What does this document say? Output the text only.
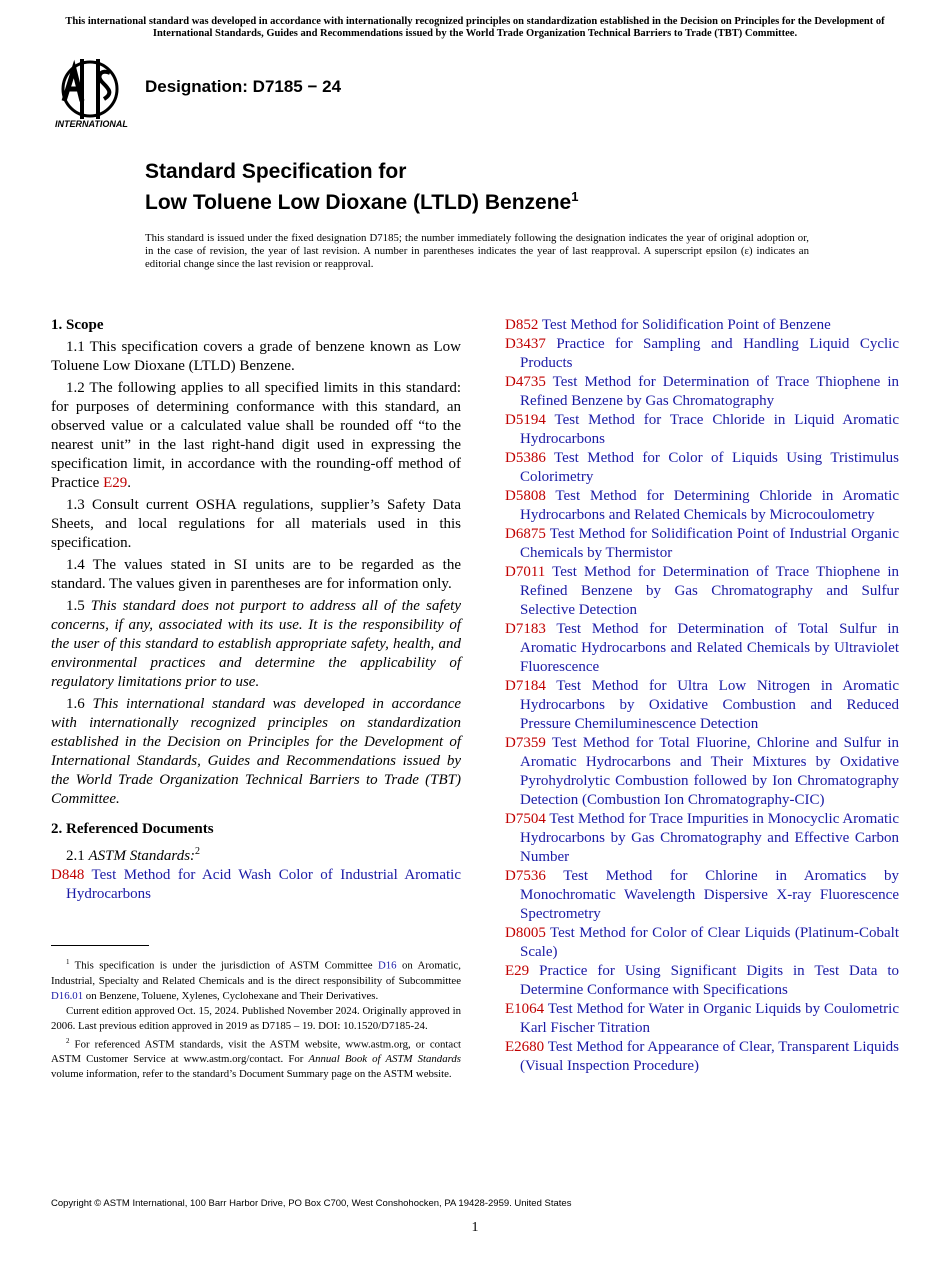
This international standard was developed in accordance with internationally recognized principles on standardization established in the Decision on Principles for the Development of International Standards, Guides and Recommendations issued by the World Trade Organization Technical Barriers to Trade (TBT) Committee.
INTERNATIONAL
Designation: D7185 − 24
Standard Specification for
Low Toluene Low Dioxane (LTLD) Benzene$^1$
This standard is issued under the fixed designation D7185; the number immediately following the designation indicates the year of original adoption or, in the case of revision, the year of last revision. A number in parentheses indicates the year of last reapproval. A superscript epsilon (ε) indicates an editorial change since the last revision or reapproval.
1. Scope
1.1 This specification covers a grade of benzene known as Low Toluene Low Dioxane (LTLD) Benzene.
1.2 The following applies to all specified limits in this standard: for purposes of determining conformance with this standard, an observed value or a calculated value shall be rounded off “to the nearest unit” in the last right-hand digit used in expressing the specification limit, in accordance with the rounding-off method of Practice E29.
1.3 Consult current OSHA regulations, supplier’s Safety Data Sheets, and local regulations for all materials used in this specification.
1.4 The values stated in SI units are to be regarded as the standard. The values given in parentheses are for information only.
1.5 This standard does not purport to address all of the safety concerns, if any, associated with its use. It is the responsibility of the user of this standard to establish appropriate safety, health, and environmental practices and determine the applicability of regulatory limitations prior to use.
1.6 This international standard was developed in accordance with internationally recognized principles on standardization established in the Decision on Principles for the Development of International Standards, Guides and Recommendations issued by the World Trade Organization Technical Barriers to Trade (TBT) Committee.
2. Referenced Documents
2.1 ASTM Standards:$^2$
D848 Test Method for Acid Wash Color of Industrial Aromatic Hydrocarbons
D852 Test Method for Solidification Point of Benzene
D3437 Practice for Sampling and Handling Liquid Cyclic Products
D4735 Test Method for Determination of Trace Thiophene in Refined Benzene by Gas Chromatography
D5194 Test Method for Trace Chloride in Liquid Aromatic Hydrocarbons
D5386 Test Method for Color of Liquids Using Tristimulus Colorimetry
D5808 Test Method for Determining Chloride in Aromatic Hydrocarbons and Related Chemicals by Microcoulometry
D6875 Test Method for Solidification Point of Industrial Organic Chemicals by Thermistor
D7011 Test Method for Determination of Trace Thiophene in Refined Benzene by Gas Chromatography and Sulfur Selective Detection
D7183 Test Method for Determination of Total Sulfur in Aromatic Hydrocarbons and Related Chemicals by Ultraviolet Fluorescence
D7184 Test Method for Ultra Low Nitrogen in Aromatic Hydrocarbons by Oxidative Combustion and Reduced Pressure Chemiluminescence Detection
D7359 Test Method for Total Fluorine, Chlorine and Sulfur in Aromatic Hydrocarbons and Their Mixtures by Oxidative Pyrohydrolytic Combustion followed by Ion Chromatography Detection (Combustion Ion Chromatography-CIC)
D7504 Test Method for Trace Impurities in Monocyclic Aromatic Hydrocarbons by Gas Chromatography and Effective Carbon Number
D7536 Test Method for Chlorine in Aromatics by Monochromatic Wavelength Dispersive X-ray Fluorescence Spectrometry
D8005 Test Method for Color of Clear Liquids (Platinum-Cobalt Scale)
E29 Practice for Using Significant Digits in Test Data to Determine Conformance with Specifications
E1064 Test Method for Water in Organic Liquids by Coulometric Karl Fischer Titration
E2680 Test Method for Appearance of Clear, Transparent Liquids (Visual Inspection Procedure)
$^1$ This specification is under the jurisdiction of ASTM Committee D16 on Aromatic, Industrial, Specialty and Related Chemicals and is the direct responsibility of Subcommittee D16.01 on Benzene, Toluene, Xylenes, Cyclohexane and Their Derivatives.
Current edition approved Oct. 15, 2024. Published November 2024. Originally approved in 2006. Last previous edition approved in 2019 as D7185 – 19. DOI: 10.1520/D7185-24.
$^2$ For referenced ASTM standards, visit the ASTM website, www.astm.org, or contact ASTM Customer Service at www.astm.org/contact. For Annual Book of ASTM Standards volume information, refer to the standard’s Document Summary page on the ASTM website.
Copyright © ASTM International, 100 Barr Harbor Drive, PO Box C700, West Conshohocken, PA 19428-2959. United States
1
